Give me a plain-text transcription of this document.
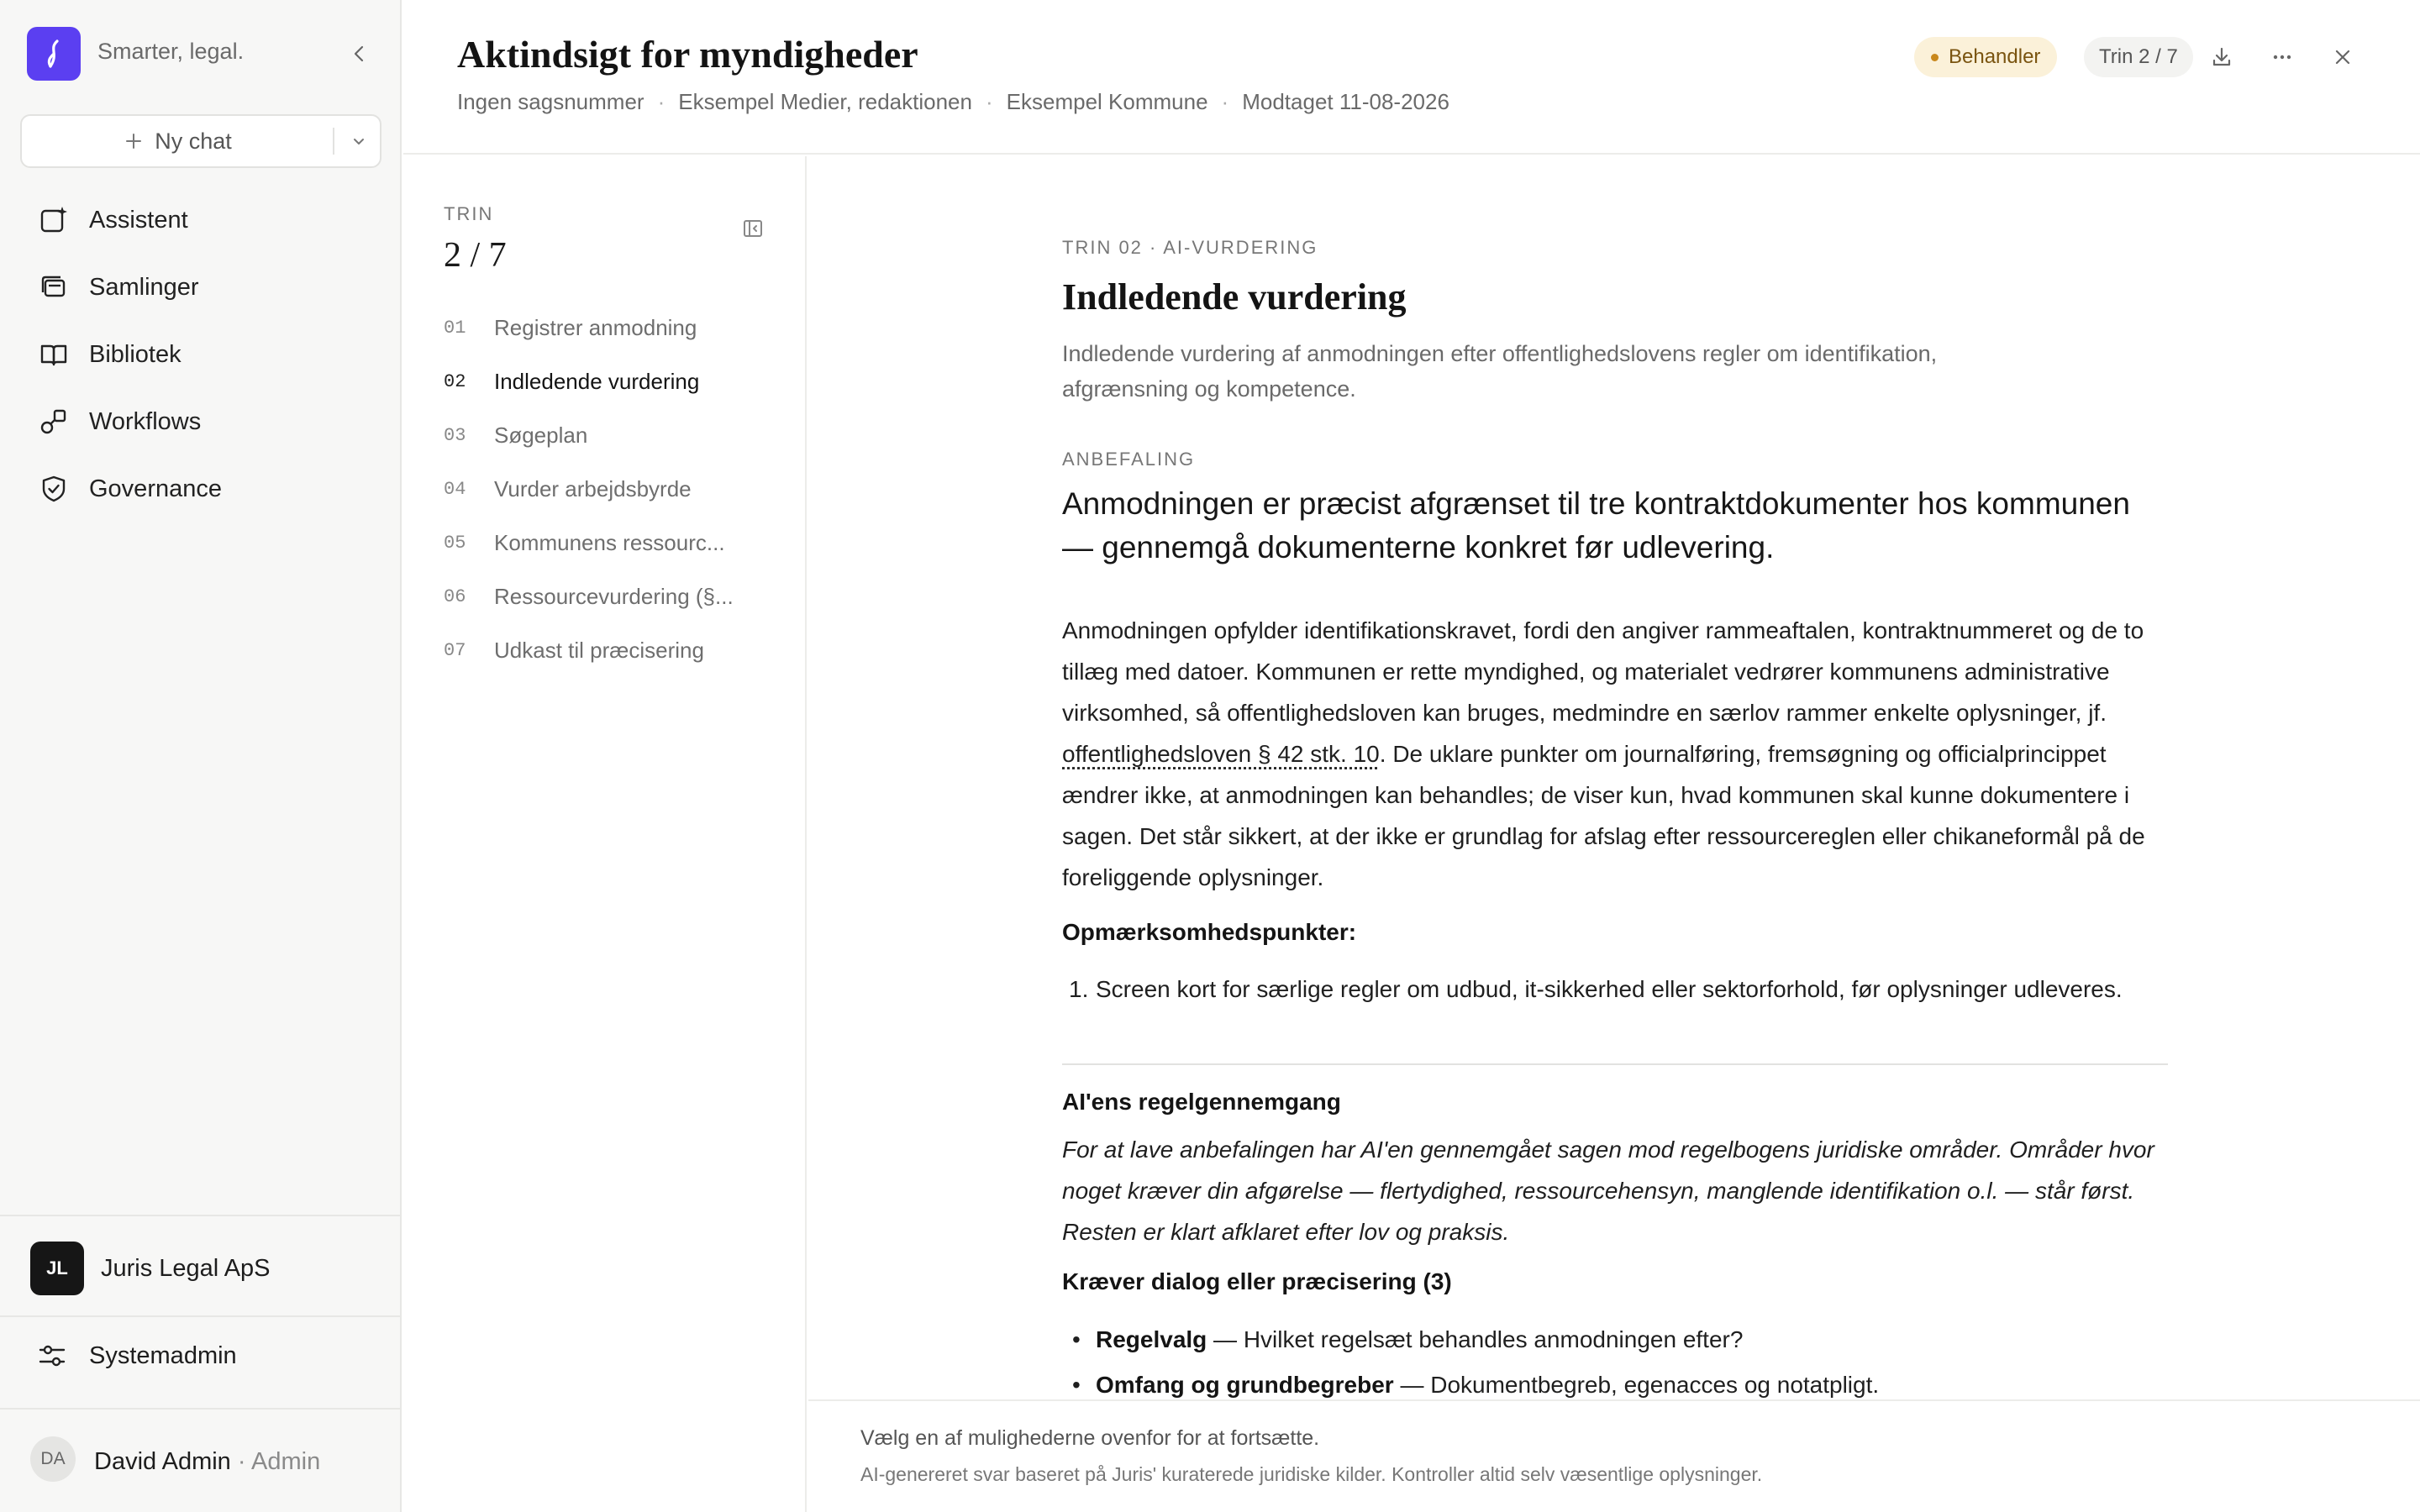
Smarter, legal.
Ny chat
Assistent
Samlinger
Bibliotek
Workflows
Governance
JL	Juris Legal ApS
Systemadmin
DA	David Admin · Admin
Aktindsigt for myndigheder
Ingen sagsnummer · Eksempel Medier, redaktionen · Eksempel Kommune · Modtaget 11-08-2026
Behandler	Trin 2 / 7
TRIN
2 / 7
01	Registrer anmodning
02	Indledende vurdering
03	Søgeplan
04	Vurder arbejdsbyrde
05	Kommunens ressourc...
06	Ressourcevurdering (§...
07	Udkast til præcisering
TRIN 02 · AI-VURDERING
Indledende vurdering

Indledende vurdering af anmodningen efter offentlighedslovens regler om identifikation, afgrænsning og kompetence.

ANBEFALING

Anmodningen er præcist afgrænset til tre kontraktdokumenter hos kommunen — gennemgå dokumenterne konkret før udlevering.

Anmodningen opfylder identifikationskravet, fordi den angiver rammeaftalen, kontraktnummeret og de to tillæg med datoer. Kommunen er rette myndighed, og materialet vedrører kommunens administrative virksomhed, så offentlighedsloven kan bruges, medmindre en særlov rammer enkelte oplysninger, jf. offentlighedsloven § 42 stk. 10. De uklare punkter om journalføring, fremsøgning og officialprincippet ændrer ikke, at anmodningen kan behandles; de viser kun, hvad kommunen skal kunne dokumentere i sagen. Det står sikkert, at der ikke er grundlag for afslag efter ressourcereglen eller chikaneformål på de foreliggende oplysninger.

Opmærksomhedspunkter:
1. Screen kort for særlige regler om udbud, it-sikkerhed eller sektorforhold, før oplysninger udleveres.
AI'ens regelgennemgang

For at lave anbefalingen har AI'en gennemgået sagen mod regelbogens juridiske områder. Områder hvor noget kræver din afgørelse — flertydighed, ressourcehensyn, manglende identifikation o.l. — står først. Resten er klart afklaret efter lov og praksis.

Kræver dialog eller præcisering (3)
• Regelvalg — Hvilket regelsæt behandles anmodningen efter?
• Omfang og grundbegreber — Dokumentbegreb, egenacces og notatpligt.
Vælg en af mulighederne ovenfor for at fortsætte.
AI-genereret svar baseret på Juris' kuraterede juridiske kilder. Kontroller altid selv væsentlige oplysninger.
